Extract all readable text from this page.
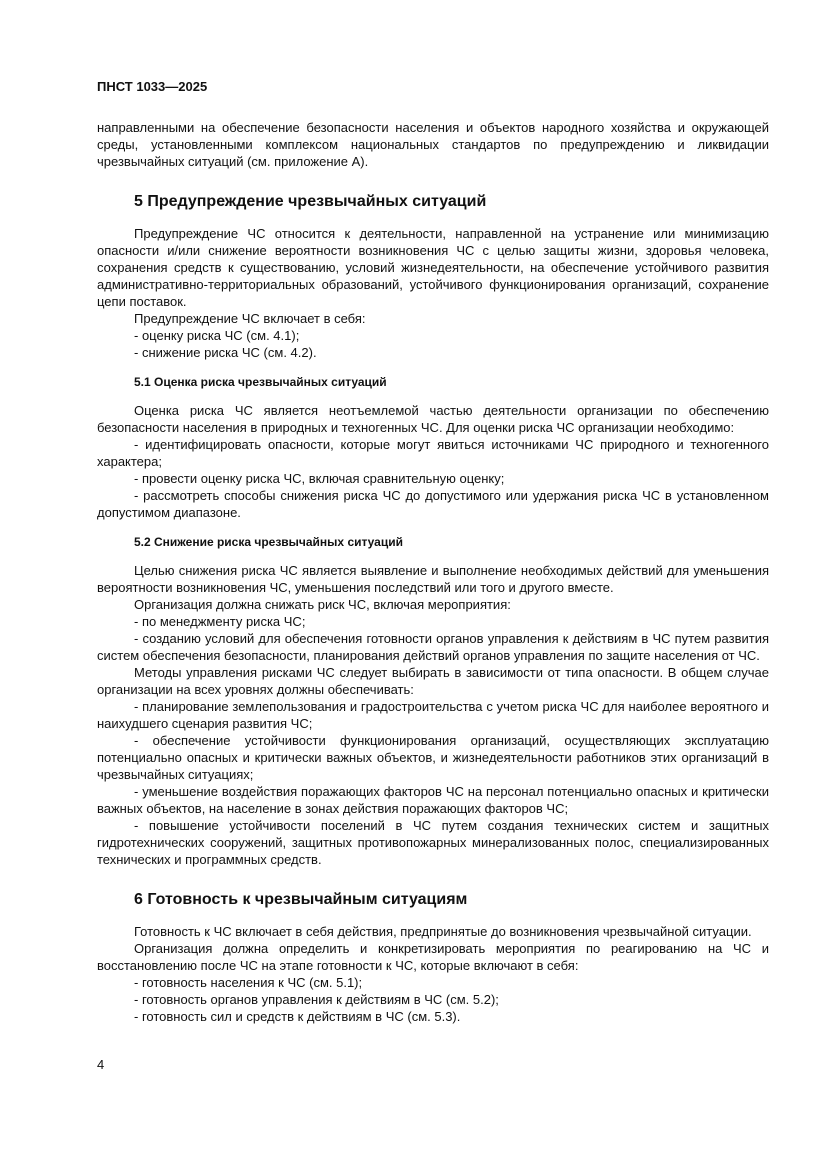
ПНСТ 1033—2025

направленными на обеспечение безопасности населения и объектов народного хозяйства и окружающей среды, установленными комплексом национальных стандартов по предупреждению и ликвидации чрезвычайных ситуаций (см. приложение А).

5 Предупреждение чрезвычайных ситуаций

Предупреждение ЧС относится к деятельности, направленной на устранение или минимизацию опасности и/или снижение вероятности возникновения ЧС с целью защиты жизни, здоровья человека, сохранения средств к существованию, условий жизнедеятельности, на обеспечение устойчивого развития административно-территориальных образований, устойчивого функционирования организаций, сохранение цепи поставок.

Предупреждение ЧС включает в себя:

- оценку риска ЧС (см. 4.1);

- снижение риска ЧС (см. 4.2).

5.1 Оценка риска чрезвычайных ситуаций

Оценка риска ЧС является неотъемлемой частью деятельности организации по обеспечению безопасности населения в природных и техногенных ЧС. Для оценки риска ЧС организации необходимо:

- идентифицировать опасности, которые могут явиться источниками ЧС природного и техногенного характера;

- провести оценку риска ЧС, включая сравнительную оценку;

- рассмотреть способы снижения риска ЧС до допустимого или удержания риска ЧС в установленном допустимом диапазоне.

5.2 Снижение риска чрезвычайных ситуаций

Целью снижения риска ЧС является выявление и выполнение необходимых действий для уменьшения вероятности возникновения ЧС, уменьшения последствий или того и другого вместе.

Организация должна снижать риск ЧС, включая мероприятия:

- по менеджменту риска ЧС;

- созданию условий для обеспечения готовности органов управления к действиям в ЧС путем развития систем обеспечения безопасности, планирования действий органов управления по защите населения от ЧС.

Методы управления рисками ЧС следует выбирать в зависимости от типа опасности. В общем случае организации на всех уровнях должны обеспечивать:

- планирование землепользования и градостроительства с учетом риска ЧС для наиболее вероятного и наихудшего сценария развития ЧС;

- обеспечение устойчивости функционирования организаций, осуществляющих эксплуатацию потенциально опасных и критически важных объектов, и жизнедеятельности работников этих организаций в чрезвычайных ситуациях;

- уменьшение воздействия поражающих факторов ЧС на персонал потенциально опасных и критически важных объектов, на население в зонах действия поражающих факторов ЧС;

- повышение устойчивости поселений в ЧС путем создания технических систем и защитных гидротехнических сооружений, защитных противопожарных минерализованных полос, специализированных технических и программных средств.

6 Готовность к чрезвычайным ситуациям

Готовность к ЧС включает в себя действия, предпринятые до возникновения чрезвычайной ситуации.

Организация должна определить и конкретизировать мероприятия по реагированию на ЧС и восстановлению после ЧС на этапе готовности к ЧС, которые включают в себя:

- готовность населения к ЧС (см. 5.1);

- готовность органов управления к действиям в ЧС (см. 5.2);

- готовность сил и средств к действиям в ЧС (см. 5.3).

4
